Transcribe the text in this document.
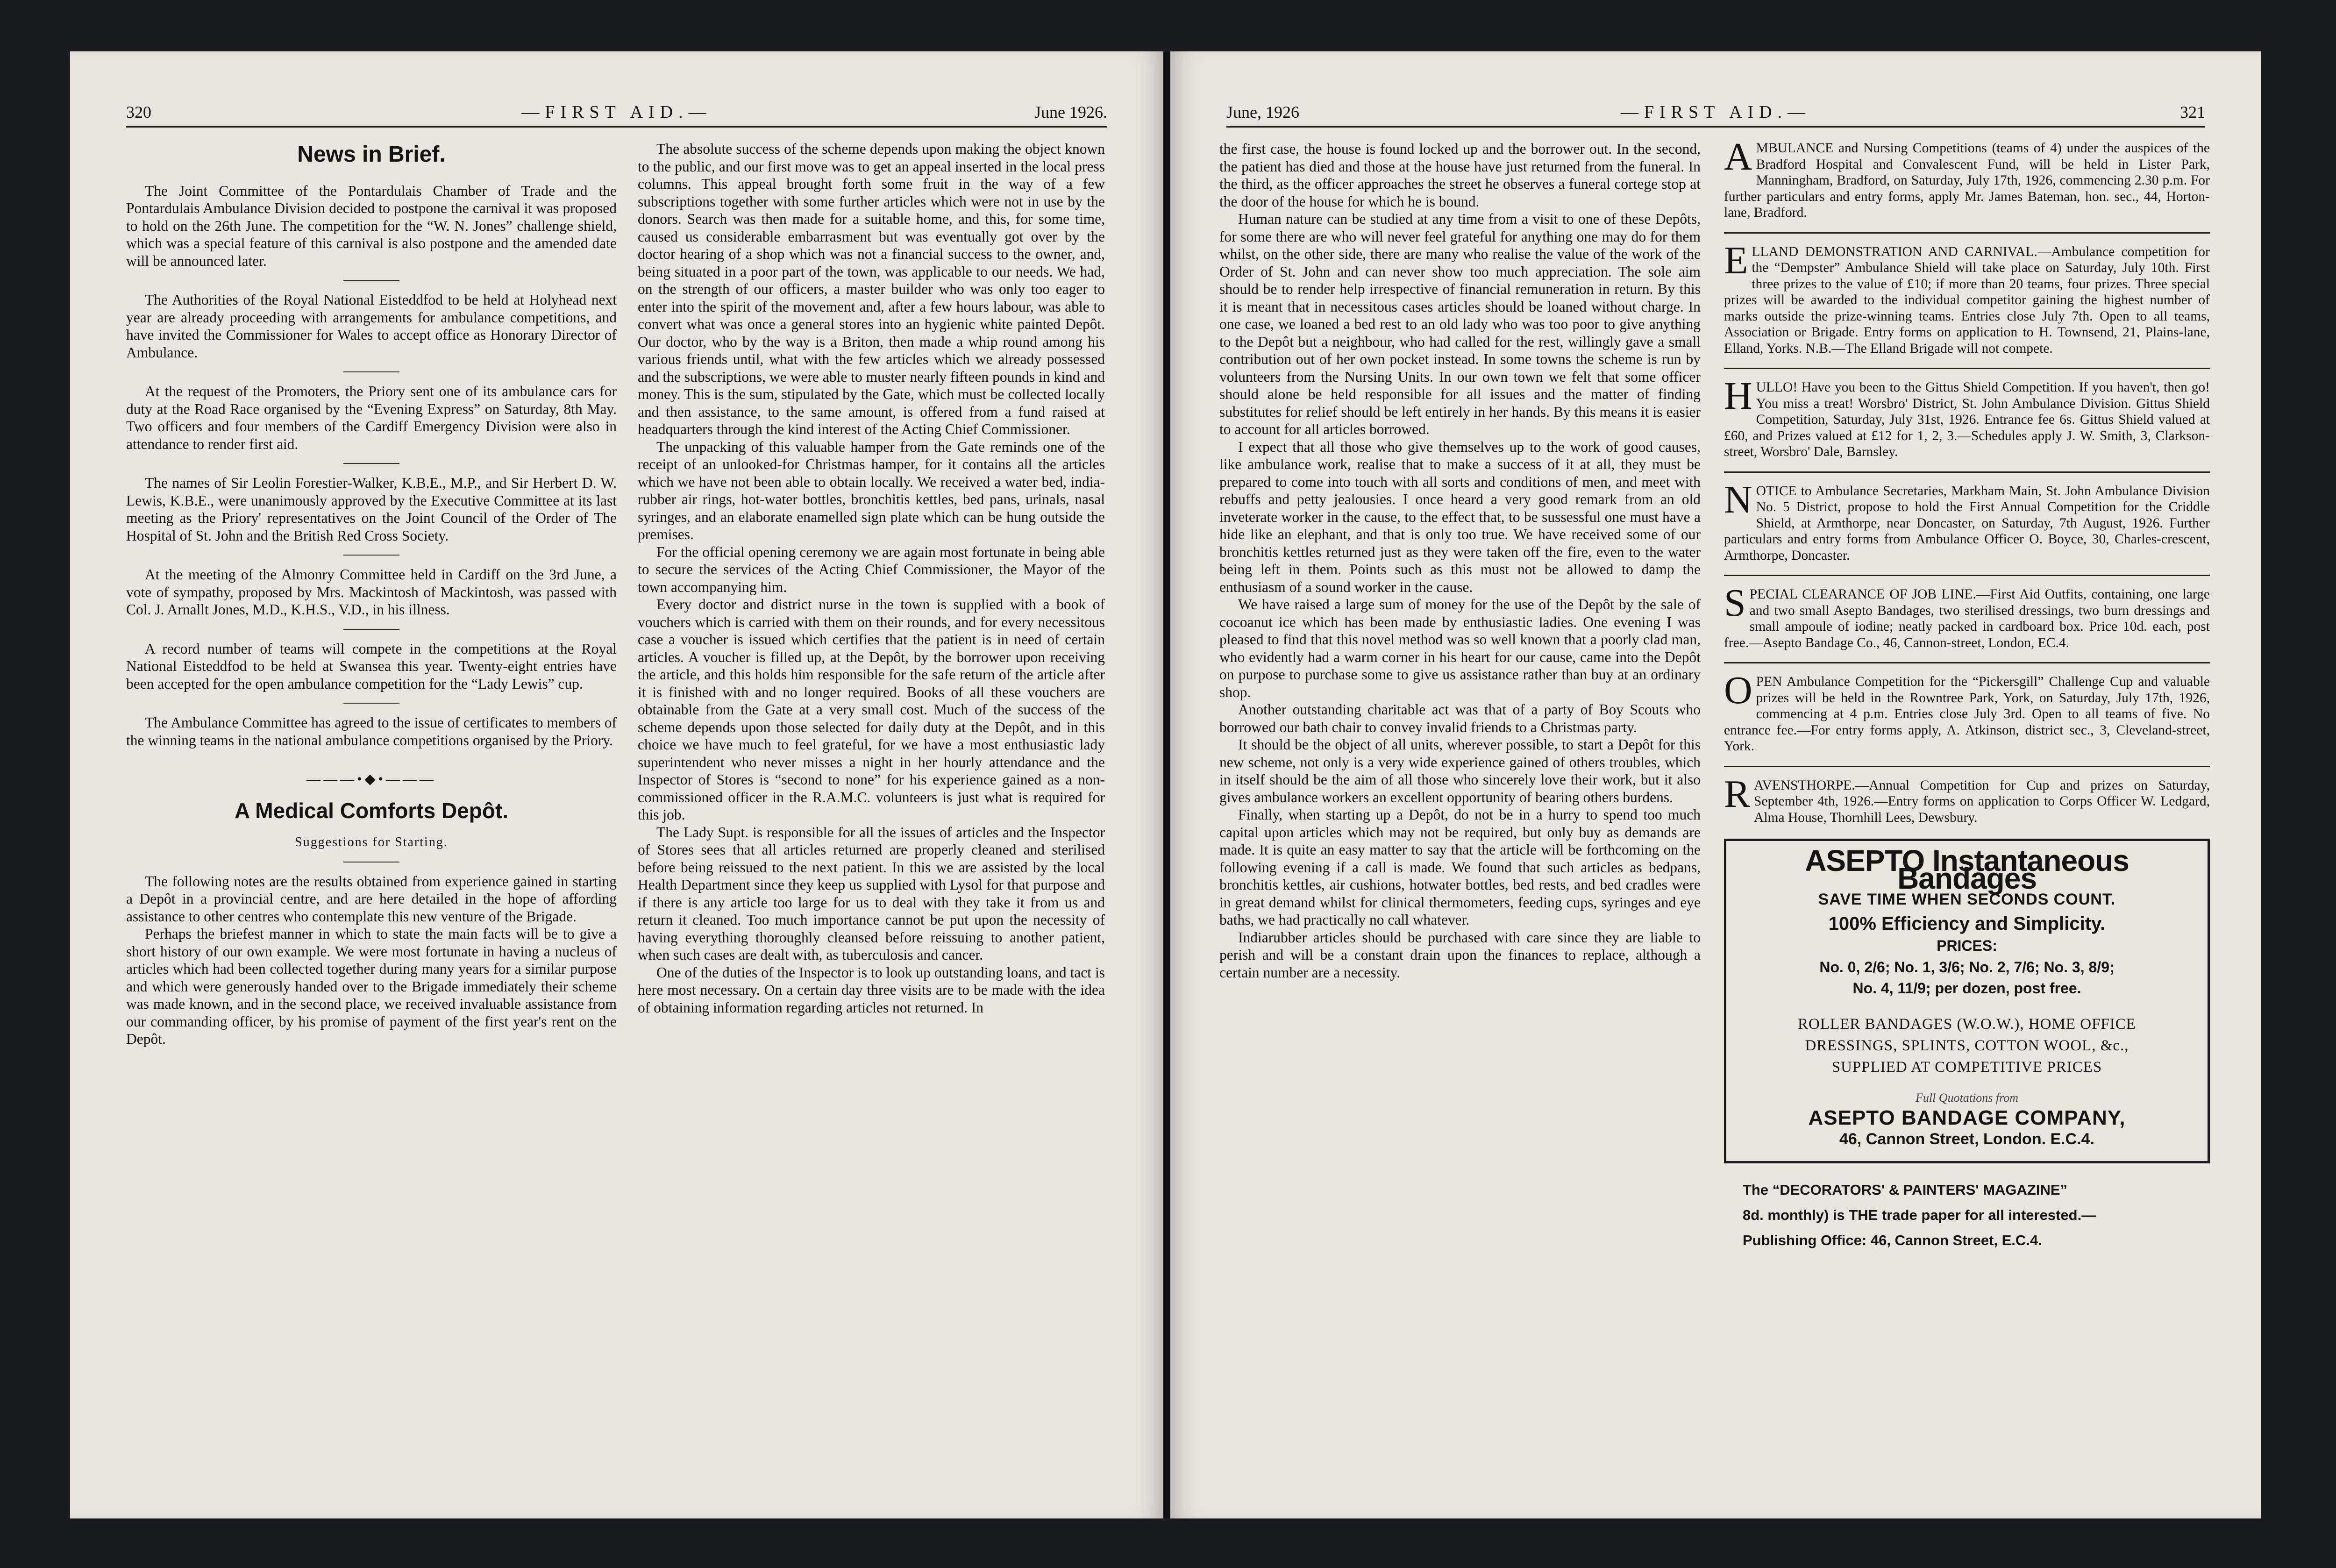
320	—FIRST AID.—	June 1926.
News in Brief.

The Joint Committee of the Pontardulais Chamber of Trade and the Pontardulais Ambulance Division decided to postpone the carnival it was proposed to hold on the 26th June. The competition for the “W. N. Jones” challenge shield, which was a special feature of this carnival is also postpone and the amended date will be announced later.

The Authorities of the Royal National Eisteddfod to be held at Holyhead next year are already proceeding with arrangements for ambulance competitions, and have invited the Commissioner for Wales to accept office as Honorary Director of Ambulance.

At the request of the Promoters, the Priory sent one of its ambulance cars for duty at the Road Race organised by the “Evening Express” on Saturday, 8th May. Two officers and four members of the Cardiff Emergency Division were also in attendance to render first aid.

The names of Sir Leolin Forestier-Walker, K.B.E., M.P., and Sir Herbert D. W. Lewis, K.B.E., were unanimously approved by the Executive Committee at its last meeting as the Priory' representatives on the Joint Council of the Order of The Hospital of St. John and the British Red Cross Society.

At the meeting of the Almonry Committee held in Cardiff on the 3rd June, a vote of sympathy, proposed by Mrs. Mackintosh of Mackintosh, was passed with Col. J. Arnallt Jones, M.D., K.H.S., V.D., in his illness.

A record number of teams will compete in the competitions at the Royal National Eisteddfod to be held at Swansea this year. Twenty-eight entries have been accepted for the open ambulance competition for the “Lady Lewis” cup.

The Ambulance Committee has agreed to the issue of certificates to members of the winning teams in the national ambulance competitions organised by the Priory.

———•◆•———
A Medical Comforts Depôt.
Suggestions for Starting.

The following notes are the results obtained from experience gained in starting a Depôt in a provincial centre, and are here detailed in the hope of affording assistance to other centres who contemplate this new venture of the Brigade.

Perhaps the briefest manner in which to state the main facts will be to give a short history of our own example. We were most fortunate in having a nucleus of articles which had been collected together during many years for a similar purpose and which were generously handed over to the Brigade immediately their scheme was made known, and in the second place, we received invaluable assistance from our commanding officer, by his promise of payment of the first year's rent on the Depôt.

The absolute success of the scheme depends upon making the object known to the public, and our first move was to get an appeal inserted in the local press columns. This appeal brought forth some fruit in the way of a few subscriptions together with some further articles which were not in use by the donors. Search was then made for a suitable home, and this, for some time, caused us considerable embarrasment but was eventually got over by the doctor hearing of a shop which was not a financial success to the owner, and, being situated in a poor part of the town, was applicable to our needs. We had, on the strength of our officers, a master builder who was only too eager to enter into the spirit of the movement and, after a few hours labour, was able to convert what was once a general stores into an hygienic white painted Depôt. Our doctor, who by the way is a Briton, then made a whip round among his various friends until, what with the few articles which we already possessed and the subscriptions, we were able to muster nearly fifteen pounds in kind and money. This is the sum, stipulated by the Gate, which must be collected locally and then assistance, to the same amount, is offered from a fund raised at headquarters through the kind interest of the Acting Chief Commissioner.

The unpacking of this valuable hamper from the Gate reminds one of the receipt of an unlooked-for Christmas hamper, for it contains all the articles which we have not been able to obtain locally. We received a water bed, india-rubber air rings, hot-water bottles, bronchitis kettles, bed pans, urinals, nasal syringes, and an elaborate enamelled sign plate which can be hung outside the premises.

For the official opening ceremony we are again most fortunate in being able to secure the services of the Acting Chief Commissioner, the Mayor of the town accompanying him.

Every doctor and district nurse in the town is supplied with a book of vouchers which is carried with them on their rounds, and for every necessitous case a voucher is issued which certifies that the patient is in need of certain articles. A voucher is filled up, at the Depôt, by the borrower upon receiving the article, and this holds him responsible for the safe return of the article after it is finished with and no longer required. Books of all these vouchers are obtainable from the Gate at a very small cost. Much of the success of the scheme depends upon those selected for daily duty at the Depôt, and in this choice we have much to feel grateful, for we have a most enthusiastic lady superintendent who never misses a night in her hourly attendance and the Inspector of Stores is “second to none” for his experience gained as a non-commissioned officer in the R.A.M.C. volunteers is just what is required for this job.

The Lady Supt. is responsible for all the issues of articles and the Inspector of Stores sees that all articles returned are properly cleaned and sterilised before being reissued to the next patient. In this we are assisted by the local Health Department since they keep us supplied with Lysol for that purpose and if there is any article too large for us to deal with they take it from us and return it cleaned. Too much importance cannot be put upon the necessity of having everything thoroughly cleansed before reissuing to another patient, when such cases are dealt with, as tuberculosis and cancer.

One of the duties of the Inspector is to look up outstanding loans, and tact is here most necessary. On a certain day three visits are to be made with the idea of obtaining information regarding articles not returned. In

June, 1926	—FIRST AID.—	321

the first case, the house is found locked up and the borrower out. In the second, the patient has died and those at the house have just returned from the funeral. In the third, as the officer approaches the street he observes a funeral cortege stop at the door of the house for which he is bound.

Human nature can be studied at any time from a visit to one of these Depôts, for some there are who will never feel grateful for anything one may do for them whilst, on the other side, there are many who realise the value of the work of the Order of St. John and can never show too much appreciation. The sole aim should be to render help irrespective of financial remuneration in return. By this it is meant that in necessitous cases articles should be loaned without charge. In one case, we loaned a bed rest to an old lady who was too poor to give anything to the Depôt but a neighbour, who had called for the rest, willingly gave a small contribution out of her own pocket instead. In some towns the scheme is run by volunteers from the Nursing Units. In our own town we felt that some officer should alone be held responsible for all issues and the matter of finding substitutes for relief should be left entirely in her hands. By this means it is easier to account for all articles borrowed.

I expect that all those who give themselves up to the work of good causes, like ambulance work, realise that to make a success of it at all, they must be prepared to come into touch with all sorts and conditions of men, and meet with rebuffs and petty jealousies. I once heard a very good remark from an old inveterate worker in the cause, to the effect that, to be sussessful one must have a hide like an elephant, and that is only too true. We have received some of our bronchitis kettles returned just as they were taken off the fire, even to the water being left in them. Points such as this must not be allowed to damp the enthusiasm of a sound worker in the cause.

We have raised a large sum of money for the use of the Depôt by the sale of cocoanut ice which has been made by enthusiastic ladies. One evening I was pleased to find that this novel method was so well known that a poorly clad man, who evidently had a warm corner in his heart for our cause, came into the Depôt on purpose to purchase some to give us assistance rather than buy at an ordinary shop.

Another outstanding charitable act was that of a party of Boy Scouts who borrowed our bath chair to convey invalid friends to a Christmas party.

It should be the object of all units, wherever possible, to start a Depôt for this new scheme, not only is a very wide experience gained of others troubles, which in itself should be the aim of all those who sincerely love their work, but it also gives ambulance workers an excellent opportunity of bearing others burdens.

Finally, when starting up a Depôt, do not be in a hurry to spend too much capital upon articles which may not be required, but only buy as demands are made. It is quite an easy matter to say that the article will be forthcoming on the following evening if a call is made. We found that such articles as bedpans, bronchitis kettles, air cushions, hotwater bottles, bed rests, and bed cradles were in great demand whilst for clinical thermometers, feeding cups, syringes and eye baths, we had practically no call whatever.

Indiarubber articles should be purchased with care since they are liable to perish and will be a constant drain upon the finances to replace, although a certain number are a necessity.

AMBULANCE and Nursing Competitions (teams of 4) under the auspices of the Bradford Hospital and Convalescent Fund, will be held in Lister Park, Manningham, Bradford, on Saturday, July 17th, 1926, commencing 2.30 p.m. For further particulars and entry forms, apply Mr. James Bateman, hon. sec., 44, Horton-lane, Bradford.
ELLAND DEMONSTRATION AND CARNIVAL.—Ambulance competition for the “Dempster” Ambulance Shield will take place on Saturday, July 10th. First three prizes to the value of £10; if more than 20 teams, four prizes. Three special prizes will be awarded to the individual competitor gaining the highest number of marks outside the prize-winning teams. Entries close July 7th. Open to all teams, Association or Brigade. Entry forms on application to H. Townsend, 21, Plains-lane, Elland, Yorks. N.B.—The Elland Brigade will not compete.
HULLO! Have you been to the Gittus Shield Competition. If you haven't, then go! You miss a treat! Worsbro' District, St. John Ambulance Division. Gittus Shield Competition, Saturday, July 31st, 1926. Entrance fee 6s. Gittus Shield valued at £60, and Prizes valued at £12 for 1, 2, 3.—Schedules apply J. W. Smith, 3, Clarkson-street, Worsbro' Dale, Barnsley.
NOTICE to Ambulance Secretaries, Markham Main, St. John Ambulance Division No. 5 District, propose to hold the First Annual Competition for the Criddle Shield, at Armthorpe, near Doncaster, on Saturday, 7th August, 1926. Further particulars and entry forms from Ambulance Officer O. Boyce, 30, Charles-crescent, Armthorpe, Doncaster.
SPECIAL CLEARANCE OF JOB LINE.—First Aid Outfits, containing, one large and two small Asepto Bandages, two sterilised dressings, two burn dressings and small ampoule of iodine; neatly packed in cardboard box. Price 10d. each, post free.—Asepto Bandage Co., 46, Cannon-street, London, EC.4.
OPEN Ambulance Competition for the “Pickersgill” Challenge Cup and valuable prizes will be held in the Rowntree Park, York, on Saturday, July 17th, 1926, commencing at 4 p.m. Entries close July 3rd. Open to all teams of five. No entrance fee.—For entry forms apply, A. Atkinson, district sec., 3, Cleveland-street, York.
RAVENSTHORPE.—Annual Competition for Cup and prizes on Saturday, September 4th, 1926.—Entry forms on application to Corps Officer W. Ledgard, Alma House, Thornhill Lees, Dewsbury.
ASEPTO Instantaneous Bandages
SAVE TIME WHEN SECONDS COUNT.
100% Efficiency and Simplicity.
PRICES:
No. 0, 2/6; No. 1, 3/6; No. 2, 7/6; No. 3, 8/9;
No. 4, 11/9; per dozen, post free.
ROLLER BANDAGES (W.O.W.), HOME OFFICE
DRESSINGS, SPLINTS, COTTON WOOL, &c.,
SUPPLIED AT COMPETITIVE PRICES
Full Quotations from
ASEPTO BANDAGE COMPANY,
46, Cannon Street, London. E.C.4.
The “DECORATORS' & PAINTERS' MAGAZINE”
8d. monthly) is THE trade paper for all interested.—
Publishing Office: 46, Cannon Street, E.C.4.
